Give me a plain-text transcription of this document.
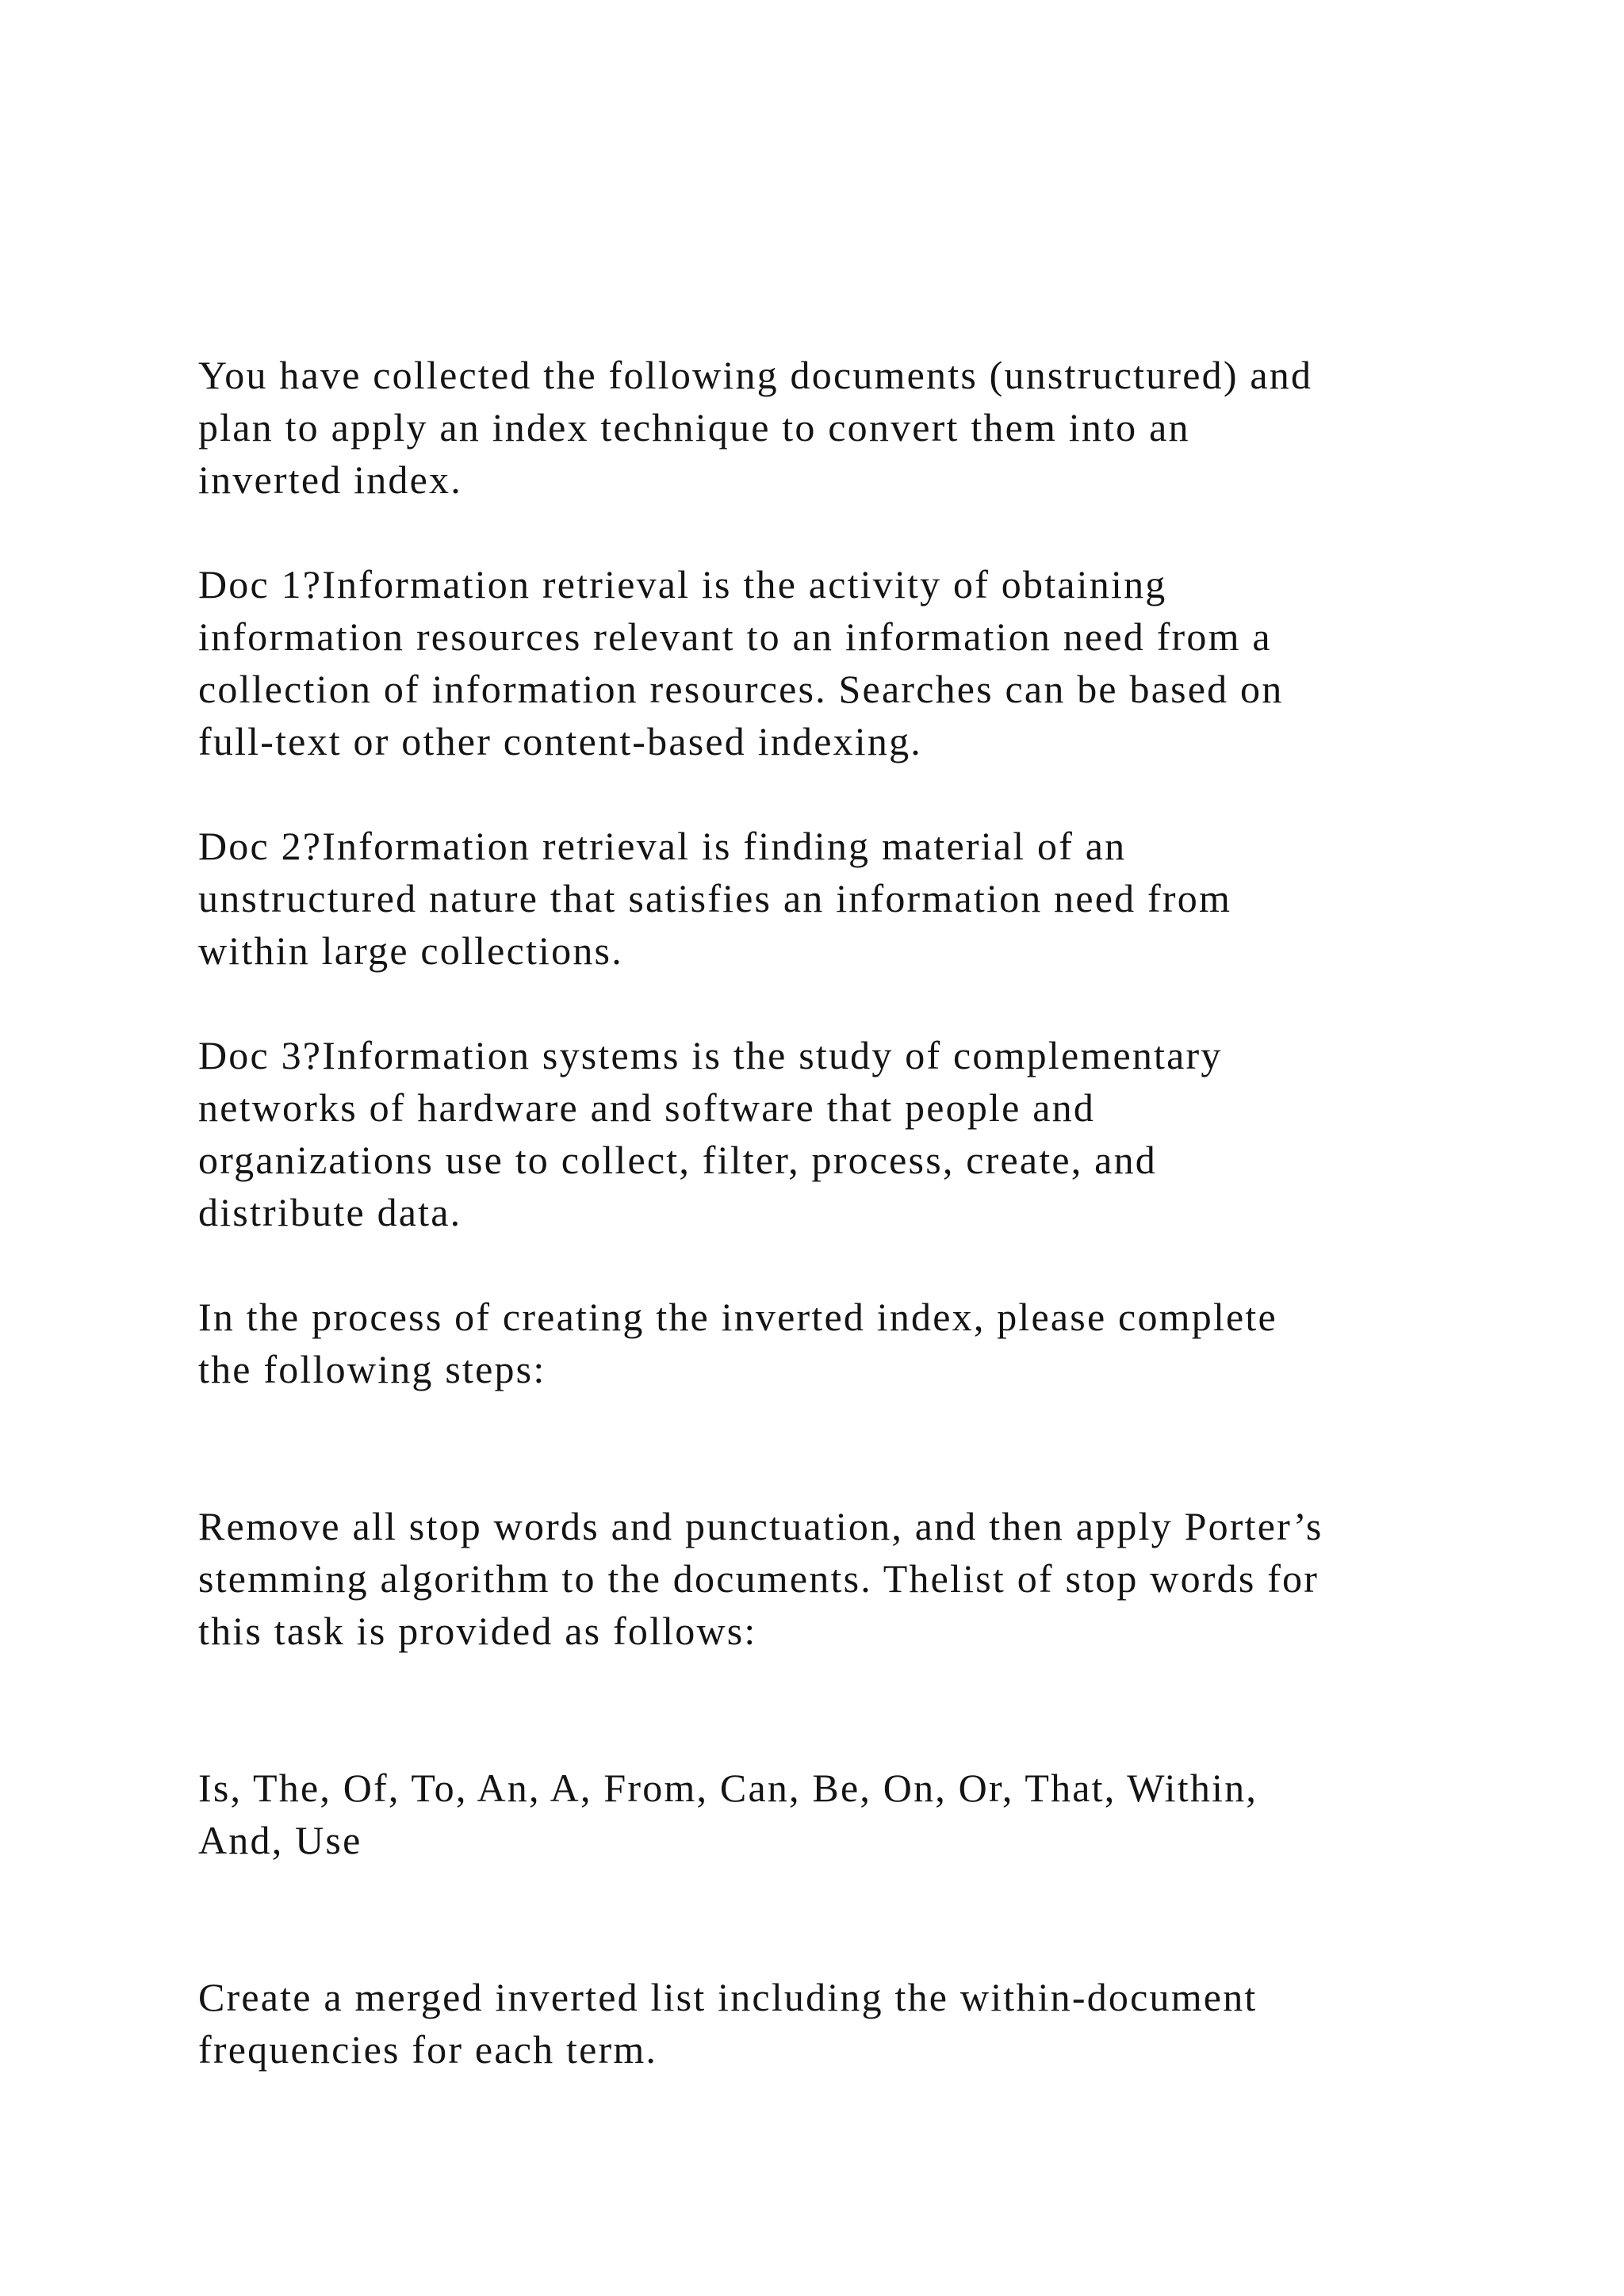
You have collected the following documents (unstructured) and
plan to apply an index technique to convert them into an
inverted index.

Doc 1?Information retrieval is the activity of obtaining
information resources relevant to an information need from a
collection of information resources. Searches can be based on
full-text or other content-based indexing.

Doc 2?Information retrieval is finding material of an
unstructured nature that satisfies an information need from
within large collections.

Doc 3?Information systems is the study of complementary
networks of hardware and software that people and
organizations use to collect, filter, process, create, and
distribute data.

In the process of creating the inverted index, please complete
the following steps:

Remove all stop words and punctuation, and then apply Porter’s
stemming algorithm to the documents. Thelist of stop words for
this task is provided as follows:

Is, The, Of, To, An, A, From, Can, Be, On, Or, That, Within,
And, Use

Create a merged inverted list including the within-document
frequencies for each term.
